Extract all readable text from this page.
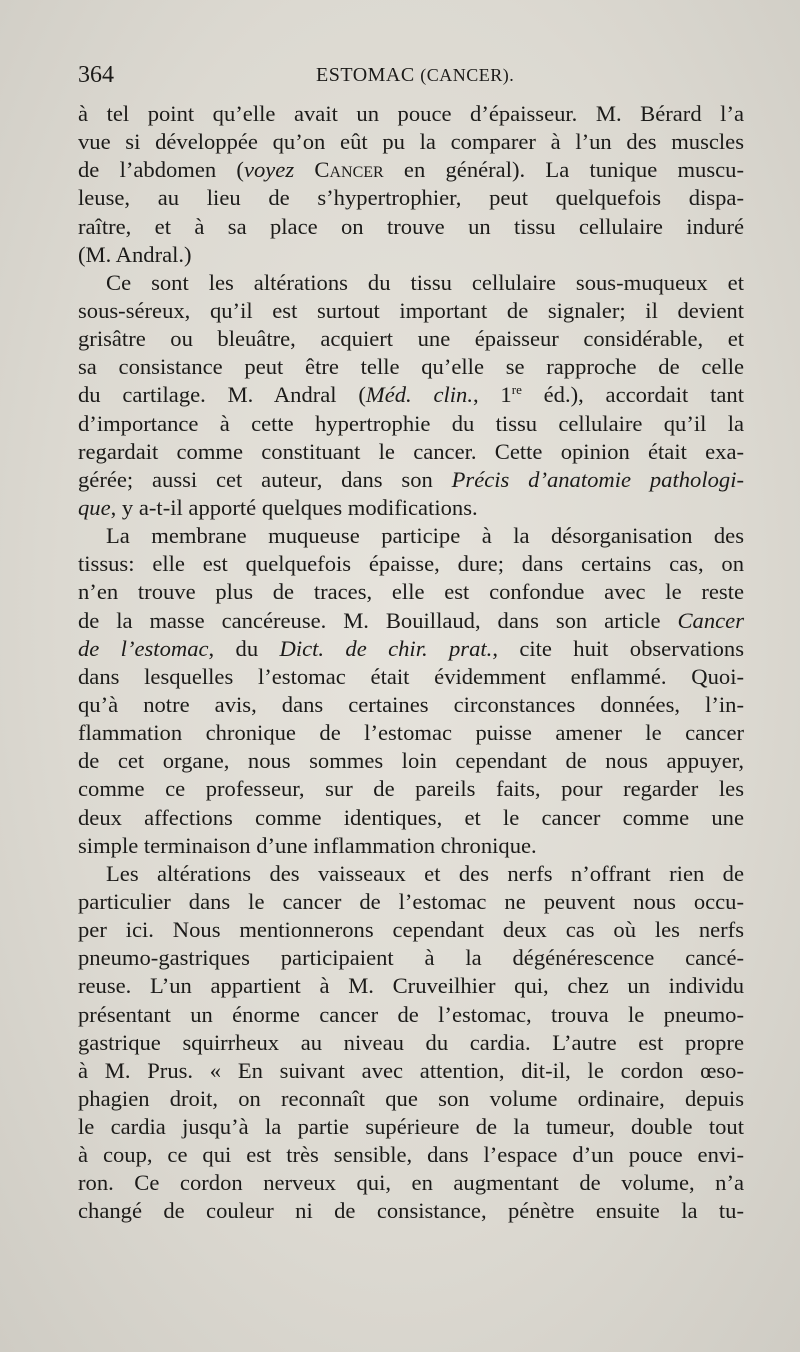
364	ESTOMAC (CANCER).
à tel point qu’elle avait un pouce d’épaisseur. M. Bérard l’a
vue si développée qu’on eût pu la comparer à l’un des muscles
de l’abdomen (voyez Cancer en général). La tunique muscu-
leuse, au lieu de s’hypertrophier, peut quelquefois dispa-
raître, et à sa place on trouve un tissu cellulaire induré
(M. Andral.)
Ce sont les altérations du tissu cellulaire sous-muqueux et
sous-séreux, qu’il est surtout important de signaler; il devient
grisâtre ou bleuâtre, acquiert une épaisseur considérable, et
sa consistance peut être telle qu’elle se rapproche de celle
du cartilage. M. Andral (Méd. clin., 1re éd.), accordait tant
d’importance à cette hypertrophie du tissu cellulaire qu’il la
regardait comme constituant le cancer. Cette opinion était exa-
gérée; aussi cet auteur, dans son Précis d’anatomie pathologi-
que, y a-t-il apporté quelques modifications.
La membrane muqueuse participe à la désorganisation des
tissus: elle est quelquefois épaisse, dure; dans certains cas, on
n’en trouve plus de traces, elle est confondue avec le reste
de la masse cancéreuse. M. Bouillaud, dans son article Cancer
de l’estomac, du Dict. de chir. prat., cite huit observations
dans lesquelles l’estomac était évidemment enflammé. Quoi-
qu’à notre avis, dans certaines circonstances données, l’in-
flammation chronique de l’estomac puisse amener le cancer
de cet organe, nous sommes loin cependant de nous appuyer,
comme ce professeur, sur de pareils faits, pour regarder les
deux affections comme identiques, et le cancer comme une
simple terminaison d’une inflammation chronique.
Les altérations des vaisseaux et des nerfs n’offrant rien de
particulier dans le cancer de l’estomac ne peuvent nous occu-
per ici. Nous mentionnerons cependant deux cas où les nerfs
pneumo-gastriques participaient à la dégénérescence cancé-
reuse. L’un appartient à M. Cruveilhier qui, chez un individu
présentant un énorme cancer de l’estomac, trouva le pneumo-
gastrique squirrheux au niveau du cardia. L’autre est propre
à M. Prus. « En suivant avec attention, dit-il, le cordon œso-
phagien droit, on reconnaît que son volume ordinaire, depuis
le cardia jusqu’à la partie supérieure de la tumeur, double tout
à coup, ce qui est très sensible, dans l’espace d’un pouce envi-
ron. Ce cordon nerveux qui, en augmentant de volume, n’a
changé de couleur ni de consistance, pénètre ensuite la tu-
